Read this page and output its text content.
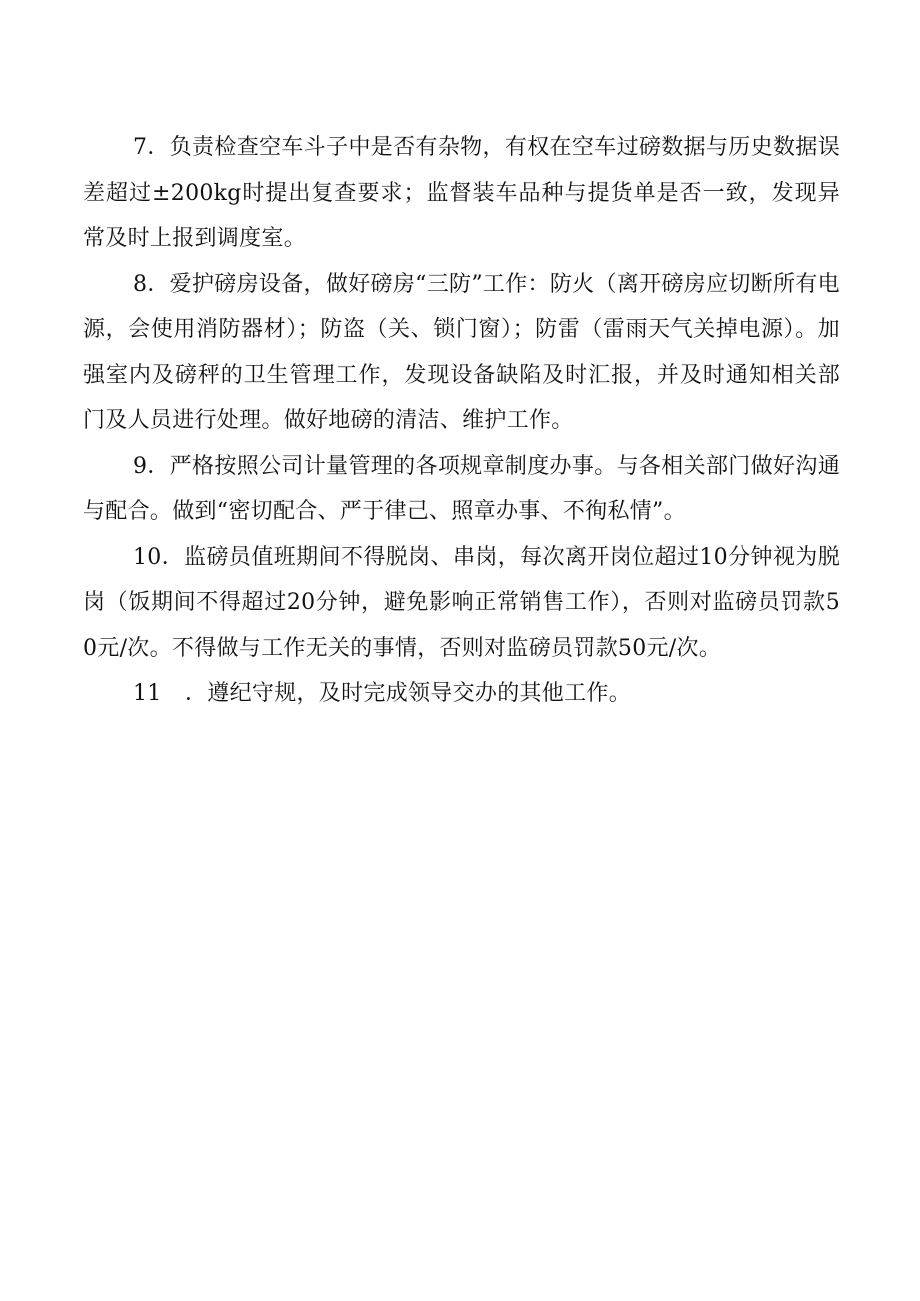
7．负责检查空车斗子中是否有杂物，有权在空车过磅数据与历史数据误差超过±200kg时提出复查要求；监督装车品种与提货单是否一致，发现异常及时上报到调度室。

8．爱护磅房设备，做好磅房“三防”工作：防火（离开磅房应切断所有电源，会使用消防器材）；防盗（关、锁门窗）；防雷（雷雨天气关掉电源）。加强室内及磅秤的卫生管理工作，发现设备缺陷及时汇报，并及时通知相关部门及人员进行处理。做好地磅的清洁、维护工作。

9．严格按照公司计量管理的各项规章制度办事。与各相关部门做好沟通与配合。做到“密切配合、严于律己、照章办事、不徇私情”。

10．监磅员值班期间不得脱岗、串岗，每次离开岗位超过10分钟视为脱岗（饭期间不得超过20分钟，避免影响正常销售工作），否则对监磅员罚款50元/次。不得做与工作无关的事情，否则对监磅员罚款50元/次。

11 ．遵纪守规，及时完成领导交办的其他工作。
